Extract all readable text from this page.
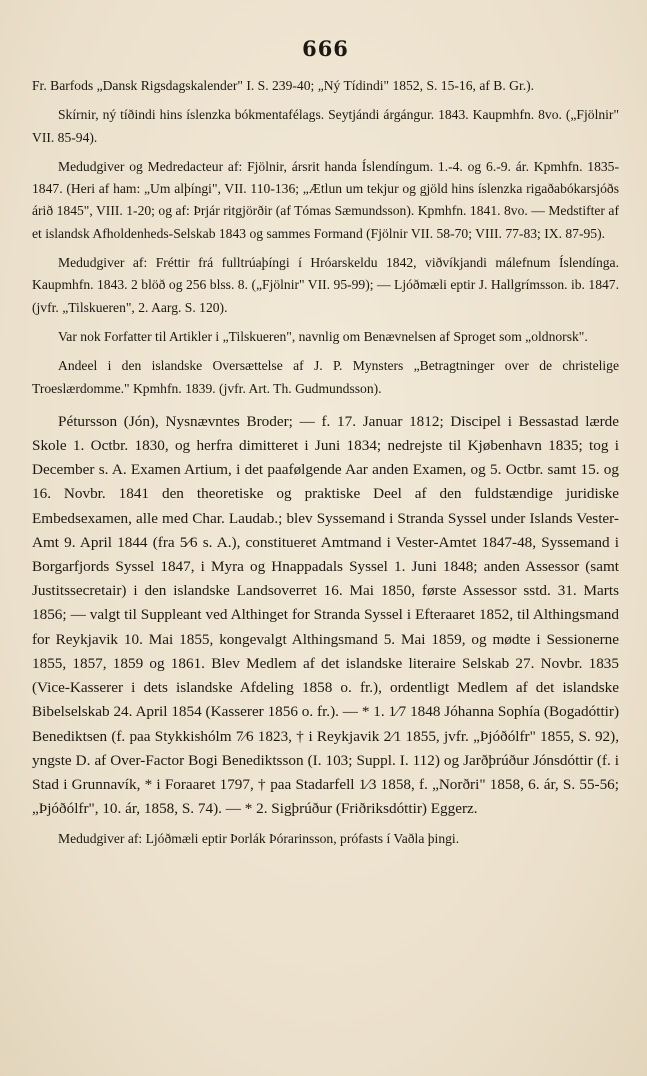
666

Fr. Barfods „Dansk Rigsdagskalender" I. S. 239-40; „Ný Tídindi" 1852, S. 15-16, af B. Gr.).

Skírnir, ný tíðindi hins íslenzka bókmentafélags. Seytjándi árgángur. 1843. Kaupmhfn. 8vo. („Fjölnir" VII. 85-94).

Medudgiver og Medredacteur af: Fjölnir, ársrit handa Íslendíngum. 1.-4. og 6.-9. ár. Kpmhfn. 1835-1847. (Heri af ham: „Um alþíngi", VII. 110-136; „Ætlun um tekjur og gjöld hins íslenzka rigaðabókarsjóðs árið 1845", VIII. 1-20; og af: Þrjár ritgjörðir (af Tómas Sæmundsson). Kpmhfn. 1841. 8vo. — Medstifter af et islandsk Afholdenheds-Selskab 1843 og sammes Formand (Fjölnir VII. 58-70; VIII. 77-83; IX. 87-95).

Medudgiver af: Fréttir frá fulltrúaþíngi í Hróarskeldu 1842, viðvíkjandi málefnum Íslendínga. Kaupmhfn. 1843. 2 blöð og 256 blss. 8. („Fjölnir" VII. 95-99); — Ljóðmæli eptir J. Hallgrímsson. ib. 1847. (jvfr. „Tilskueren", 2. Aarg. S. 120).

Var nok Forfatter til Artikler i „Tilskueren", navnlig om Benævnelsen af Sproget som „oldnorsk".

Andeel i den islandske Oversættelse af J. P. Mynsters „Betragtninger over de christelige Troeslærdomme." Kpmhfn. 1839. (jvfr. Art. Th. Gudmundsson).

Pétursson (Jón), Nysnævntes Broder; — f. 17. Januar 1812; Discipel i Bessastad lærde Skole 1. Octbr. 1830, og herfra dimitteret i Juni 1834; nedrejste til Kjøbenhavn 1835; tog i December s. A. Examen Artium, i det paafølgende Aar anden Examen, og 5. Octbr. samt 15. og 16. Novbr. 1841 den theoretiske og praktiske Deel af den fuldstændige juridiske Embedsexamen, alle med Char. Laudab.; blev Syssemand i Stranda Syssel under Islands Vester-Amt 9. April 1844 (fra 5⁄6 s. A.), constitueret Amtmand i Vester-Amtet 1847-48, Syssemand i Borgarfjords Syssel 1847, i Myra og Hnappadals Syssel 1. Juni 1848; anden Assessor (samt Justitssecretair) i den islandske Landsoverret 16. Mai 1850, første Assessor sstd. 31. Marts 1856; — valgt til Suppleant ved Althinget for Stranda Syssel i Efteraaret 1852, til Althingsmand for Reykjavik 10. Mai 1855, kongevalgt Althingsmand 5. Mai 1859, og mødte i Sessionerne 1855, 1857, 1859 og 1861. Blev Medlem af det islandske literaire Selskab 27. Novbr. 1835 (Vice-Kasserer i dets islandske Afdeling 1858 o. fr.), ordentligt Medlem af det islandske Bibelselskab 24. April 1854 (Kasserer 1856 o. fr.). — * 1. 1⁄7 1848 Jóhanna Sophía (Bogadóttir) Benediktsen (f. paa Stykkishólm 7⁄6 1823, † i Reykjavik 2⁄1 1855, jvfr. „Þjóðólfr" 1855, S. 92), yngste D. af Over-Factor Bogi Benediktsson (I. 103; Suppl. I. 112) og Jarðþrúður Jónsdóttir (f. i Stad i Grunnavík, * i Foraaret 1797, † paa Stadarfell 1⁄3 1858, f. „Norðri" 1858, 6. ár, S. 55-56; „Þjóðólfr", 10. ár, 1858, S. 74). — * 2. Sigþrúður (Friðriksdóttir) Eggerz.

Medudgiver af: Ljóðmæli eptir Þorlák Þórarinsson, prófasts í Vaðla þingi.
